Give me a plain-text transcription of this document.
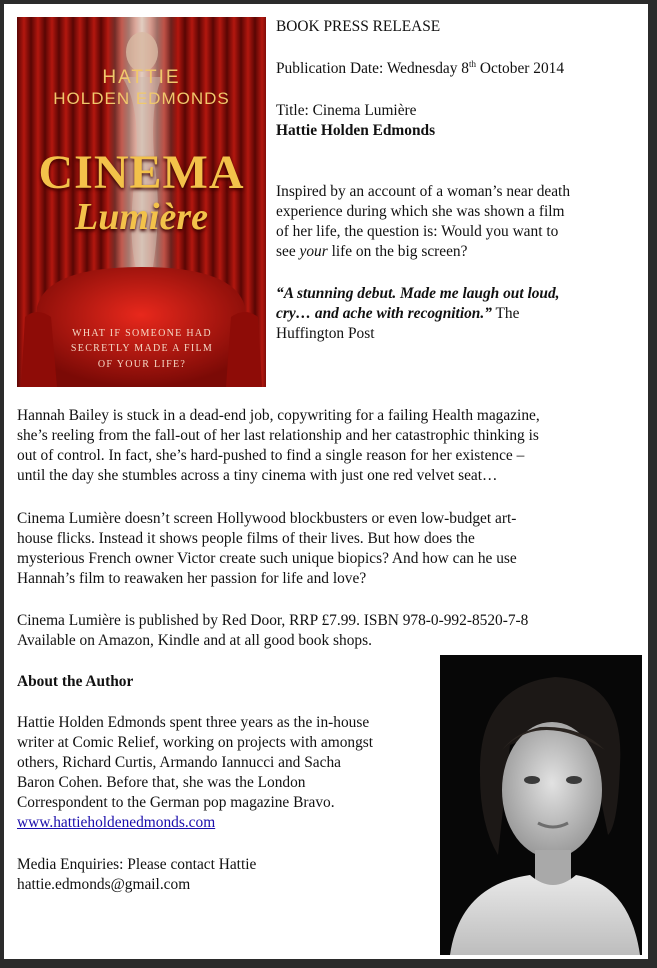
HATTIE
HOLDEN EDMONDS
CINEMA
Lumière
WHAT IF SOMEONE HAD
SECRETLY MADE A FILM
OF YOUR LIFE?

BOOK PRESS RELEASE

Publication Date: Wednesday 8th October 2014

Title: Cinema Lumière

Hattie Holden Edmonds

Inspired by an account of a woman’s near death

experience during which she was shown a film

of her life, the question is: Would you want to

see your life on the big screen?

“A stunning debut. Made me laugh out loud,

cry… and ache with recognition.” The

Huffington Post

Hannah Bailey is stuck in a dead-end job, copywriting for a failing Health magazine,

she’s reeling from the fall-out of her last relationship and her catastrophic thinking is

out of control. In fact, she’s hard-pushed to find a single reason for her existence –

until the day she stumbles across a tiny cinema with just one red velvet seat…

Cinema Lumière doesn’t screen Hollywood blockbusters or even low-budget art-

house flicks. Instead it shows people films of their lives. But how does the

mysterious French owner Victor create such unique biopics? And how can he use

Hannah’s film to reawaken her passion for life and love?

Cinema Lumière is published by Red Door, RRP £7.99. ISBN 978-0-992-8520-7-8

Available on Amazon, Kindle and at all good book shops.

About the Author

Hattie Holden Edmonds spent three years as the in-house

writer at Comic Relief, working on projects with amongst

others, Richard Curtis, Armando Iannucci and Sacha

Baron Cohen. Before that, she was the London

Correspondent to the German pop magazine Bravo.

www.hattieholdenedmonds.com

Media Enquiries: Please contact Hattie

hattie.edmonds@gmail.com
